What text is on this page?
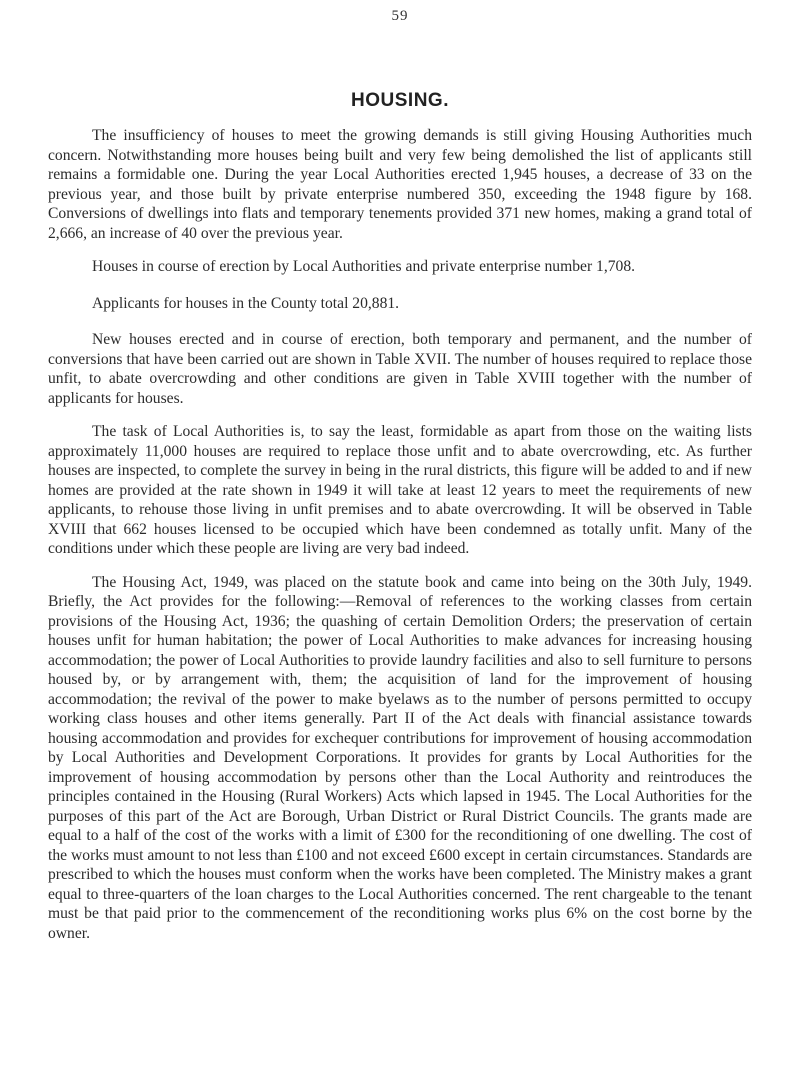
59
HOUSING.

The insufficiency of houses to meet the growing demands is still giving Housing Authorities much concern. Notwithstanding more houses being built and very few being demolished the list of applicants still remains a formidable one. During the year Local Authorities erected 1,945 houses, a decrease of 33 on the previous year, and those built by private enterprise numbered 350, exceeding the 1948 figure by 168. Conversions of dwellings into flats and temporary tenements provided 371 new homes, making a grand total of 2,666, an increase of 40 over the previous year.

Houses in course of erection by Local Authorities and private enterprise number 1,708.

Applicants for houses in the County total 20,881.

New houses erected and in course of erection, both temporary and permanent, and the number of conversions that have been carried out are shown in Table XVII. The number of houses required to replace those unfit, to abate overcrowding and other conditions are given in Table XVIII together with the number of applicants for houses.

The task of Local Authorities is, to say the least, formidable as apart from those on the waiting lists approximately 11,000 houses are required to replace those unfit and to abate overcrowding, etc. As further houses are inspected, to complete the survey in being in the rural districts, this figure will be added to and if new homes are provided at the rate shown in 1949 it will take at least 12 years to meet the requirements of new applicants, to rehouse those living in unfit premises and to abate overcrowding. It will be observed in Table XVIII that 662 houses licensed to be occupied which have been condemned as totally unfit. Many of the conditions under which these people are living are very bad indeed.

The Housing Act, 1949, was placed on the statute book and came into being on the 30th July, 1949. Briefly, the Act provides for the following:—Removal of references to the working classes from certain provisions of the Housing Act, 1936; the quashing of certain Demolition Orders; the preservation of certain houses unfit for human habitation; the power of Local Authorities to make advances for increasing housing accommodation; the power of Local Authorities to provide laundry facilities and also to sell furniture to persons housed by, or by arrangement with, them; the acquisition of land for the improvement of housing accommodation; the revival of the power to make byelaws as to the number of persons permitted to occupy working class houses and other items generally. Part II of the Act deals with financial assistance towards housing accommodation and provides for exchequer contributions for improvement of housing accommodation by Local Authorities and Development Corporations. It provides for grants by Local Authorities for the improvement of housing accommodation by persons other than the Local Authority and reintroduces the principles contained in the Housing (Rural Workers) Acts which lapsed in 1945. The Local Authorities for the purposes of this part of the Act are Borough, Urban District or Rural District Councils. The grants made are equal to a half of the cost of the works with a limit of £300 for the reconditioning of one dwelling. The cost of the works must amount to not less than £100 and not exceed £600 except in certain circumstances. Standards are prescribed to which the houses must conform when the works have been completed. The Ministry makes a grant equal to three-quarters of the loan charges to the Local Authorities concerned. The rent chargeable to the tenant must be that paid prior to the commencement of the reconditioning works plus 6% on the cost borne by the owner.
